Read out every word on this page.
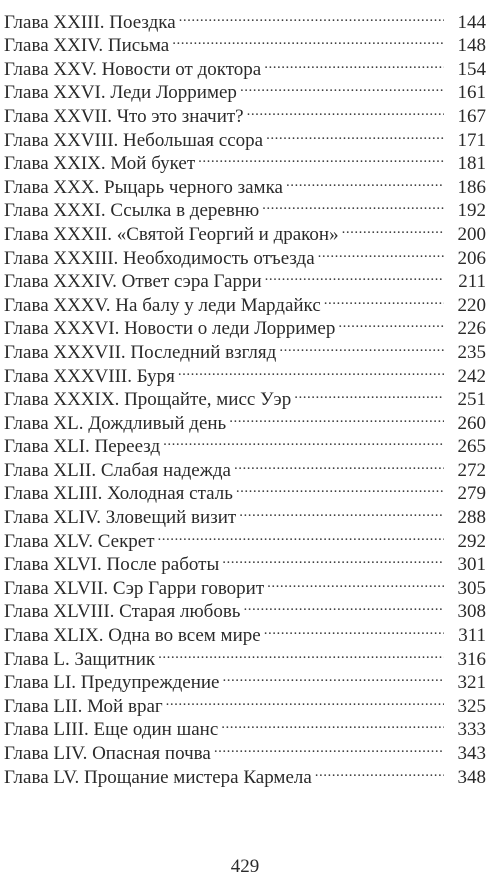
Глава XXIII. Поездка .....	144
Глава XXIV. Письма .....	148
Глава XXV. Новости от доктора .....	154
Глава XXVI. Леди Лорример .....	161
Глава XXVII. Что это значит? .....	167
Глава XXVIII. Небольшая ссора .....	171
Глава XXIX. Мой букет .....	181
Глава XXX. Рыцарь черного замка .....	186
Глава XXXI. Ссылка в деревню .....	192
Глава XXXII. «Святой Георгий и дракон» .....	200
Глава XXXIII. Необходимость отъезда .....	206
Глава XXXIV. Ответ сэра Гарри .....	211
Глава XXXV. На балу у леди Мардайкс .....	220
Глава XXXVI. Новости о леди Лорример .....	226
Глава XXXVII. Последний взгляд .....	235
Глава XXXVIII. Буря .....	242
Глава XXXIX. Прощайте, мисс Уэр .....	251
Глава XL. Дождливый день .....	260
Глава XLI. Переезд .....	265
Глава XLII. Слабая надежда .....	272
Глава XLIII. Холодная сталь .....	279
Глава XLIV. Зловещий визит .....	288
Глава XLV. Секрет .....	292
Глава XLVI. После работы .....	301
Глава XLVII. Сэр Гарри говорит .....	305
Глава XLVIII. Старая любовь .....	308
Глава XLIX. Одна во всем мире .....	311
Глава L. Защитник .....	316
Глава LI. Предупреждение .....	321
Глава LII. Мой враг .....	325
Глава LIII. Еще один шанс .....	333
Глава LIV. Опасная почва .....	343
Глава LV. Прощание мистера Кармела .....	348
429
